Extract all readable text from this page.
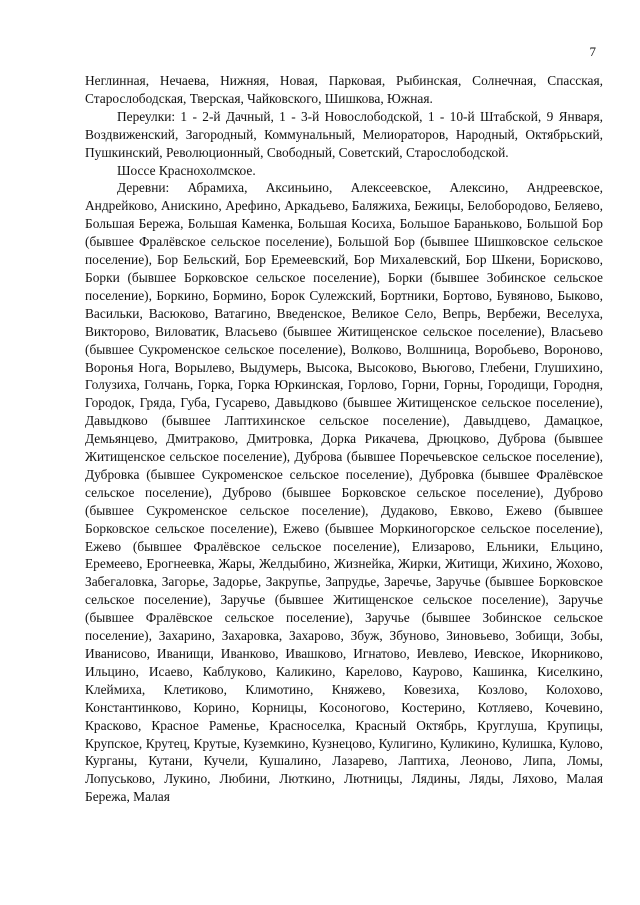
7

Неглинная, Нечаева, Нижняя, Новая, Парковая, Рыбинская, Солнечная, Спасская, Старослободская, Тверская, Чайковского, Шишкова, Южная.

Переулки: 1 - 2-й Дачный, 1 - 3-й Новослободской, 1 - 10-й Штабской, 9 Января, Воздвиженский, Загородный, Коммунальный, Мелиораторов, Народный, Октябрьский, Пушкинский, Революционный, Свободный, Советский, Старослободской.

Шоссе Краснохолмское.

Деревни: Абрамиха, Аксиньино, Алексеевское, Алексино, Андреевское, Андрейково, Анискино, Арефино, Аркадьево, Баляжиха, Бежицы, Белобородово, Беляево, Большая Бережа, Большая Каменка, Большая Косиха, Большое Бараньково, Большой Бор (бывшее Фралёвское сельское поселение), Большой Бор (бывшее Шишковское сельское поселение), Бор Бельский, Бор Еремеевский, Бор Михалевский, Бор Шкени, Борисково, Борки (бывшее Борковское сельское поселение), Борки (бывшее Зобинское сельское поселение), Боркино, Бормино, Борок Сулежский, Бортники, Бортово, Бувяново, Быково, Васильки, Васюково, Ватагино, Введенское, Великое Село, Вепрь, Вербежи, Веселуха, Викторово, Виловатик, Власьево (бывшее Житищенское сельское поселение), Власьево (бывшее Сукроменское сельское поселение), Волково, Волшница, Воробьево, Вороново, Воронья Нога, Ворылево, Выдумерь, Высока, Высоково, Вьюгово, Глебени, Глушихино, Голузиха, Голчань, Горка, Горка Юркинская, Горлово, Горни, Горны, Городищи, Городня, Городок, Гряда, Губа, Гусарево, Давыдково (бывшее Житищенское сельское поселение), Давыдково (бывшее Лаптихинское сельское поселение), Давыдцево, Дамацкое, Демьянцево, Дмитраково, Дмитровка, Дорка Рикачева, Дрюцково, Дуброва (бывшее Житищенское сельское поселение), Дуброва (бывшее Поречьевское сельское поселение), Дубровка (бывшее Сукроменское сельское поселение), Дубровка (бывшее Фралёвское сельское поселение), Дуброво (бывшее Борковское сельское поселение), Дуброво (бывшее Сукроменское сельское поселение), Дудаково, Евково, Ежево (бывшее Борковское сельское поселение), Ежево (бывшее Моркиногорское сельское поселение), Ежево (бывшее Фралёвское сельское поселение), Елизарово, Ельники, Ельцино, Еремеево, Ерогнеевка, Жары, Желдыбино, Жизнейка, Жирки, Житищи, Жихино, Жохово, Забегаловка, Загорье, Задорье, Закрупье, Запрудье, Заречье, Заручье (бывшее Борковское сельское поселение), Заручье (бывшее Житищенское сельское поселение), Заручье (бывшее Фралёвское сельское поселение), Заручье (бывшее Зобинское сельское поселение), Захарино, Захаровка, Захарово, Збуж, Збуново, Зиновьево, Зобищи, Зобы, Иванисово, Иванищи, Иванково, Ивашково, Игнатово, Иевлево, Иевское, Икорниково, Ильцино, Исаево, Каблуково, Каликино, Карелово, Каурово, Кашинка, Киселкино, Клеймиха, Клетиково, Климотино, Княжево, Ковезиха, Козлово, Колохово, Константинково, Корино, Корницы, Косоногово, Костерино, Котляево, Кочевино, Красково, Красное Раменье, Красноселка, Красный Октябрь, Круглуша, Крупицы, Крупское, Крутец, Крутые, Куземкино, Кузнецово, Кулигино, Куликино, Кулишка, Кулово, Курганы, Кутани, Кучели, Кушалино, Лазарево, Лаптиха, Леоново, Липа, Ломы, Лопуськово, Лукино, Любини, Люткино, Лютницы, Лядины, Ляды, Ляхово, Малая Бережа, Малая
